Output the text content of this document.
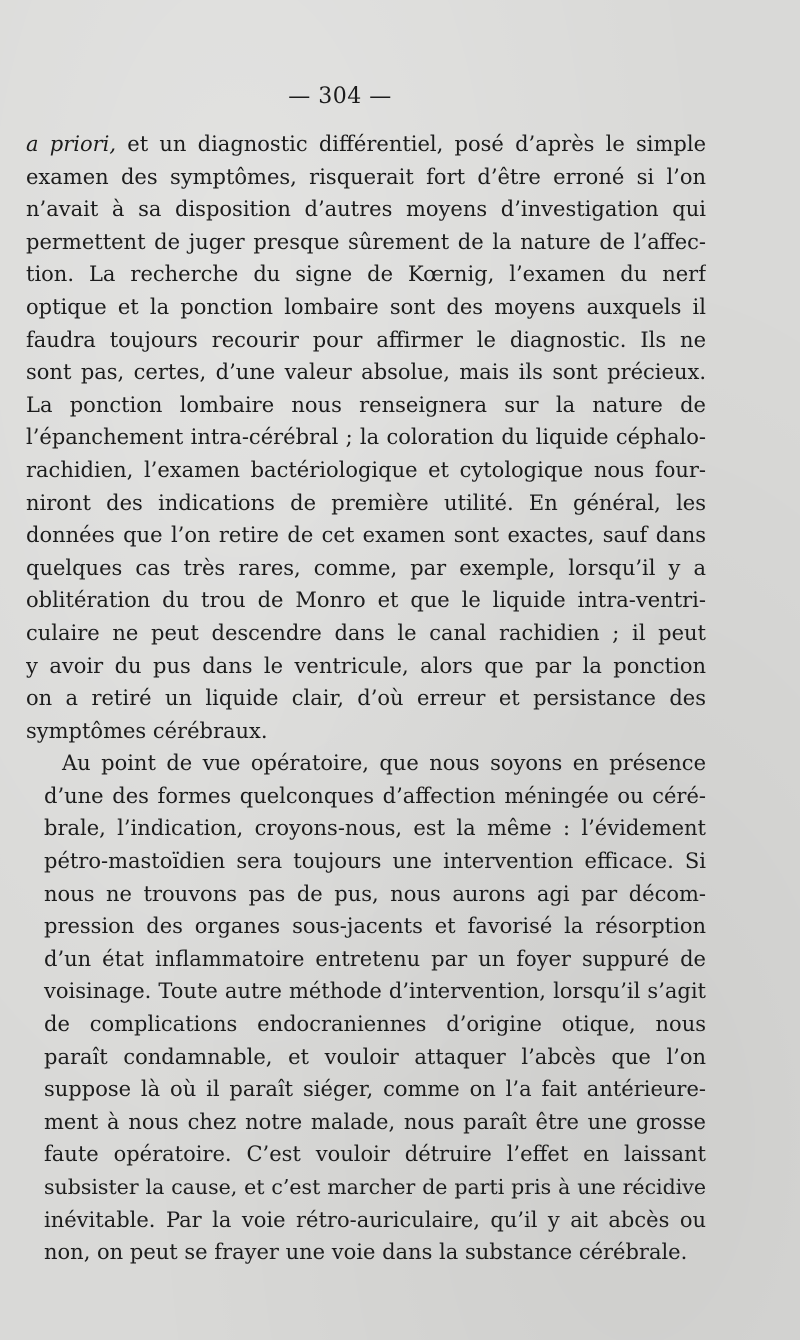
— 304 —
a priori, et un diagnostic différentiel, posé d’après le simple
examen des symptômes, risquerait fort d’être erroné si l’on
n’avait à sa disposition d’autres moyens d’investigation qui
permettent de juger presque sûrement de la nature de l’affec-
tion. La recherche du signe de Kœrnig, l’examen du nerf
optique et la ponction lombaire sont des moyens auxquels il
faudra toujours recourir pour affirmer le diagnostic. Ils ne
sont pas, certes, d’une valeur absolue, mais ils sont précieux.
La ponction lombaire nous renseignera sur la nature de
l’épanchement intra-cérébral ; la coloration du liquide céphalo-
rachidien, l’examen bactériologique et cytologique nous four-
niront des indications de première utilité. En général, les
données que l’on retire de cet examen sont exactes, sauf dans
quelques cas très rares, comme, par exemple, lorsqu’il y a
oblitération du trou de Monro et que le liquide intra-ventri-
culaire ne peut descendre dans le canal rachidien ; il peut
y avoir du pus dans le ventricule, alors que par la ponction
on a retiré un liquide clair, d’où erreur et persistance des
symptômes cérébraux.
Au point de vue opératoire, que nous soyons en présence
d’une des formes quelconques d’affection méningée ou céré-
brale, l’indication, croyons-nous, est la même : l’évidement
pétro-mastoïdien sera toujours une intervention efficace. Si
nous ne trouvons pas de pus, nous aurons agi par décom-
pression des organes sous-jacents et favorisé la résorption
d’un état inflammatoire entretenu par un foyer suppuré de
voisinage. Toute autre méthode d’intervention, lorsqu’il s’agit
de complications endocraniennes d’origine otique, nous
paraît condamnable, et vouloir attaquer l’abcès que l’on
suppose là où il paraît siéger, comme on l’a fait antérieure-
ment à nous chez notre malade, nous paraît être une grosse
faute opératoire. C’est vouloir détruire l’effet en laissant
subsister la cause, et c’est marcher de parti pris à une récidive
inévitable. Par la voie rétro-auriculaire, qu’il y ait abcès ou
non, on peut se frayer une voie dans la substance cérébrale.
